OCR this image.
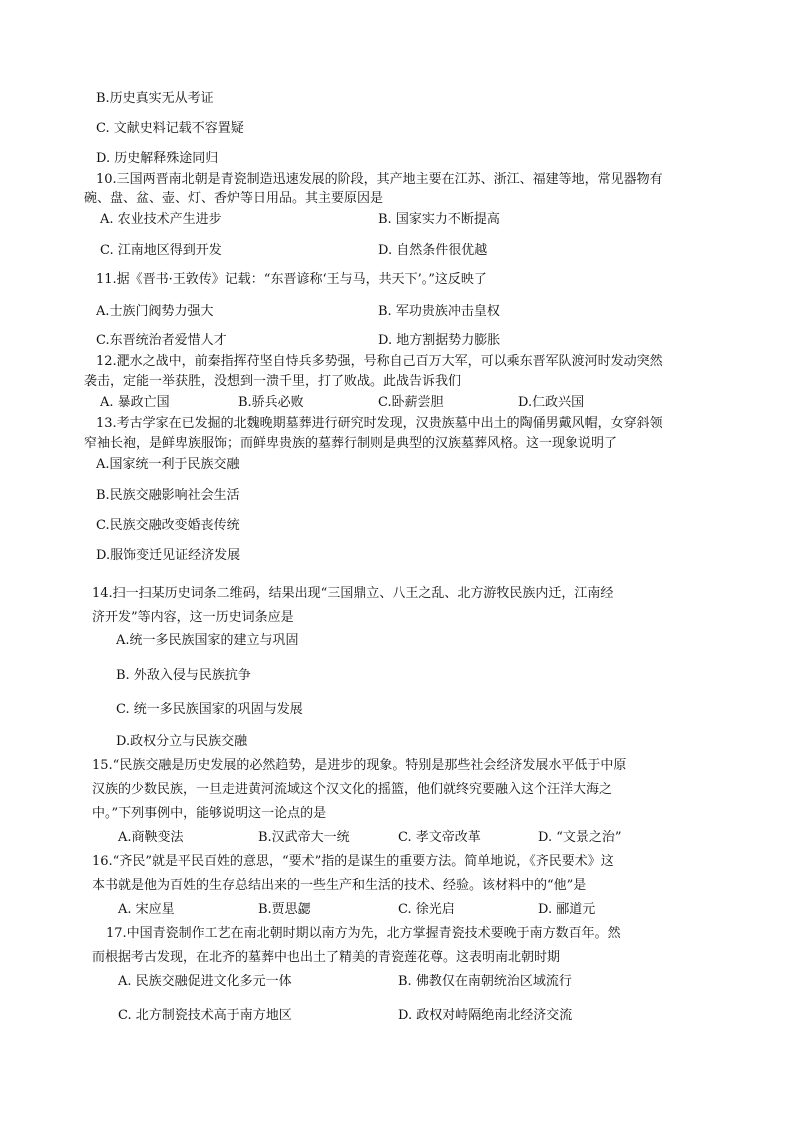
B.历史真实无从考证
C. 文献史料记载不容置疑
D. 历史解释殊途同归
10.三国两晋南北朝是青瓷制造迅速发展的阶段，其产地主要在江苏、浙江、福建等地，常见器物有
碗、盘、盆、壶、灯、香炉等日用品。其主要原因是
A. 农业技术产生进步	B. 国家实力不断提高
C. 江南地区得到开发	D. 自然条件很优越
11.据《晋书·王敦传》记载：“东晋谚称‘王与马，共天下’。”这反映了
A.士族门阀势力强大	B. 军功贵族冲击皇权
C.东晋统治者爱惜人才	D. 地方割据势力膨胀
12.淝水之战中，前秦指挥苻坚自恃兵多势强，号称自己百万大军，可以乘东晋军队渡河时发动突然
袭击，定能一举获胜，没想到一溃千里，打了败战。此战告诉我们
A. 暴政亡国	B.骄兵必败	C.卧薪尝胆	D.仁政兴国
13.考古学家在已发掘的北魏晚期墓葬进行研究时发现，汉贵族墓中出土的陶俑男戴风帽，女穿斜领
窄袖长袍，是鲜卑族服饰；而鲜卑贵族的墓葬行制则是典型的汉族墓葬风格。这一现象说明了
A.国家统一利于民族交融
B.民族交融影响社会生活
C.民族交融改变婚丧传统
D.服饰变迁见证经济发展
14.扫一扫某历史词条二维码，结果出现“三国鼎立、八王之乱、北方游牧民族内迁，江南经
济开发”等内容，这一历史词条应是
A.统一多民族国家的建立与巩固
B. 外敌入侵与民族抗争
C. 统一多民族国家的巩固与发展
D.政权分立与民族交融
15.“民族交融是历史发展的必然趋势，是进步的现象。特别是那些社会经济发展水平低于中原
汉族的少数民族，一旦走进黄河流域这个汉文化的摇篮，他们就终究要融入这个汪洋大海之
中。”下列事例中，能够说明这一论点的是
A.商鞅变法	B.汉武帝大一统	C. 孝文帝改革	D. “文景之治”
16.“齐民”就是平民百姓的意思，“要术”指的是谋生的重要方法。简单地说，《齐民要术》这
本书就是他为百姓的生存总结出来的一些生产和生活的技术、经验。该材料中的“他”是
A. 宋应星	B.贾思勰	C. 徐光启	D. 郦道元
17.中国青瓷制作工艺在南北朝时期以南方为先，北方掌握青瓷技术要晚于南方数百年。然
而根据考古发现，在北齐的墓葬中也出土了精美的青瓷莲花尊。这表明南北朝时期
A. 民族交融促进文化多元一体	B. 佛教仅在南朝统治区域流行
C. 北方制瓷技术高于南方地区	D. 政权对峙隔绝南北经济交流
